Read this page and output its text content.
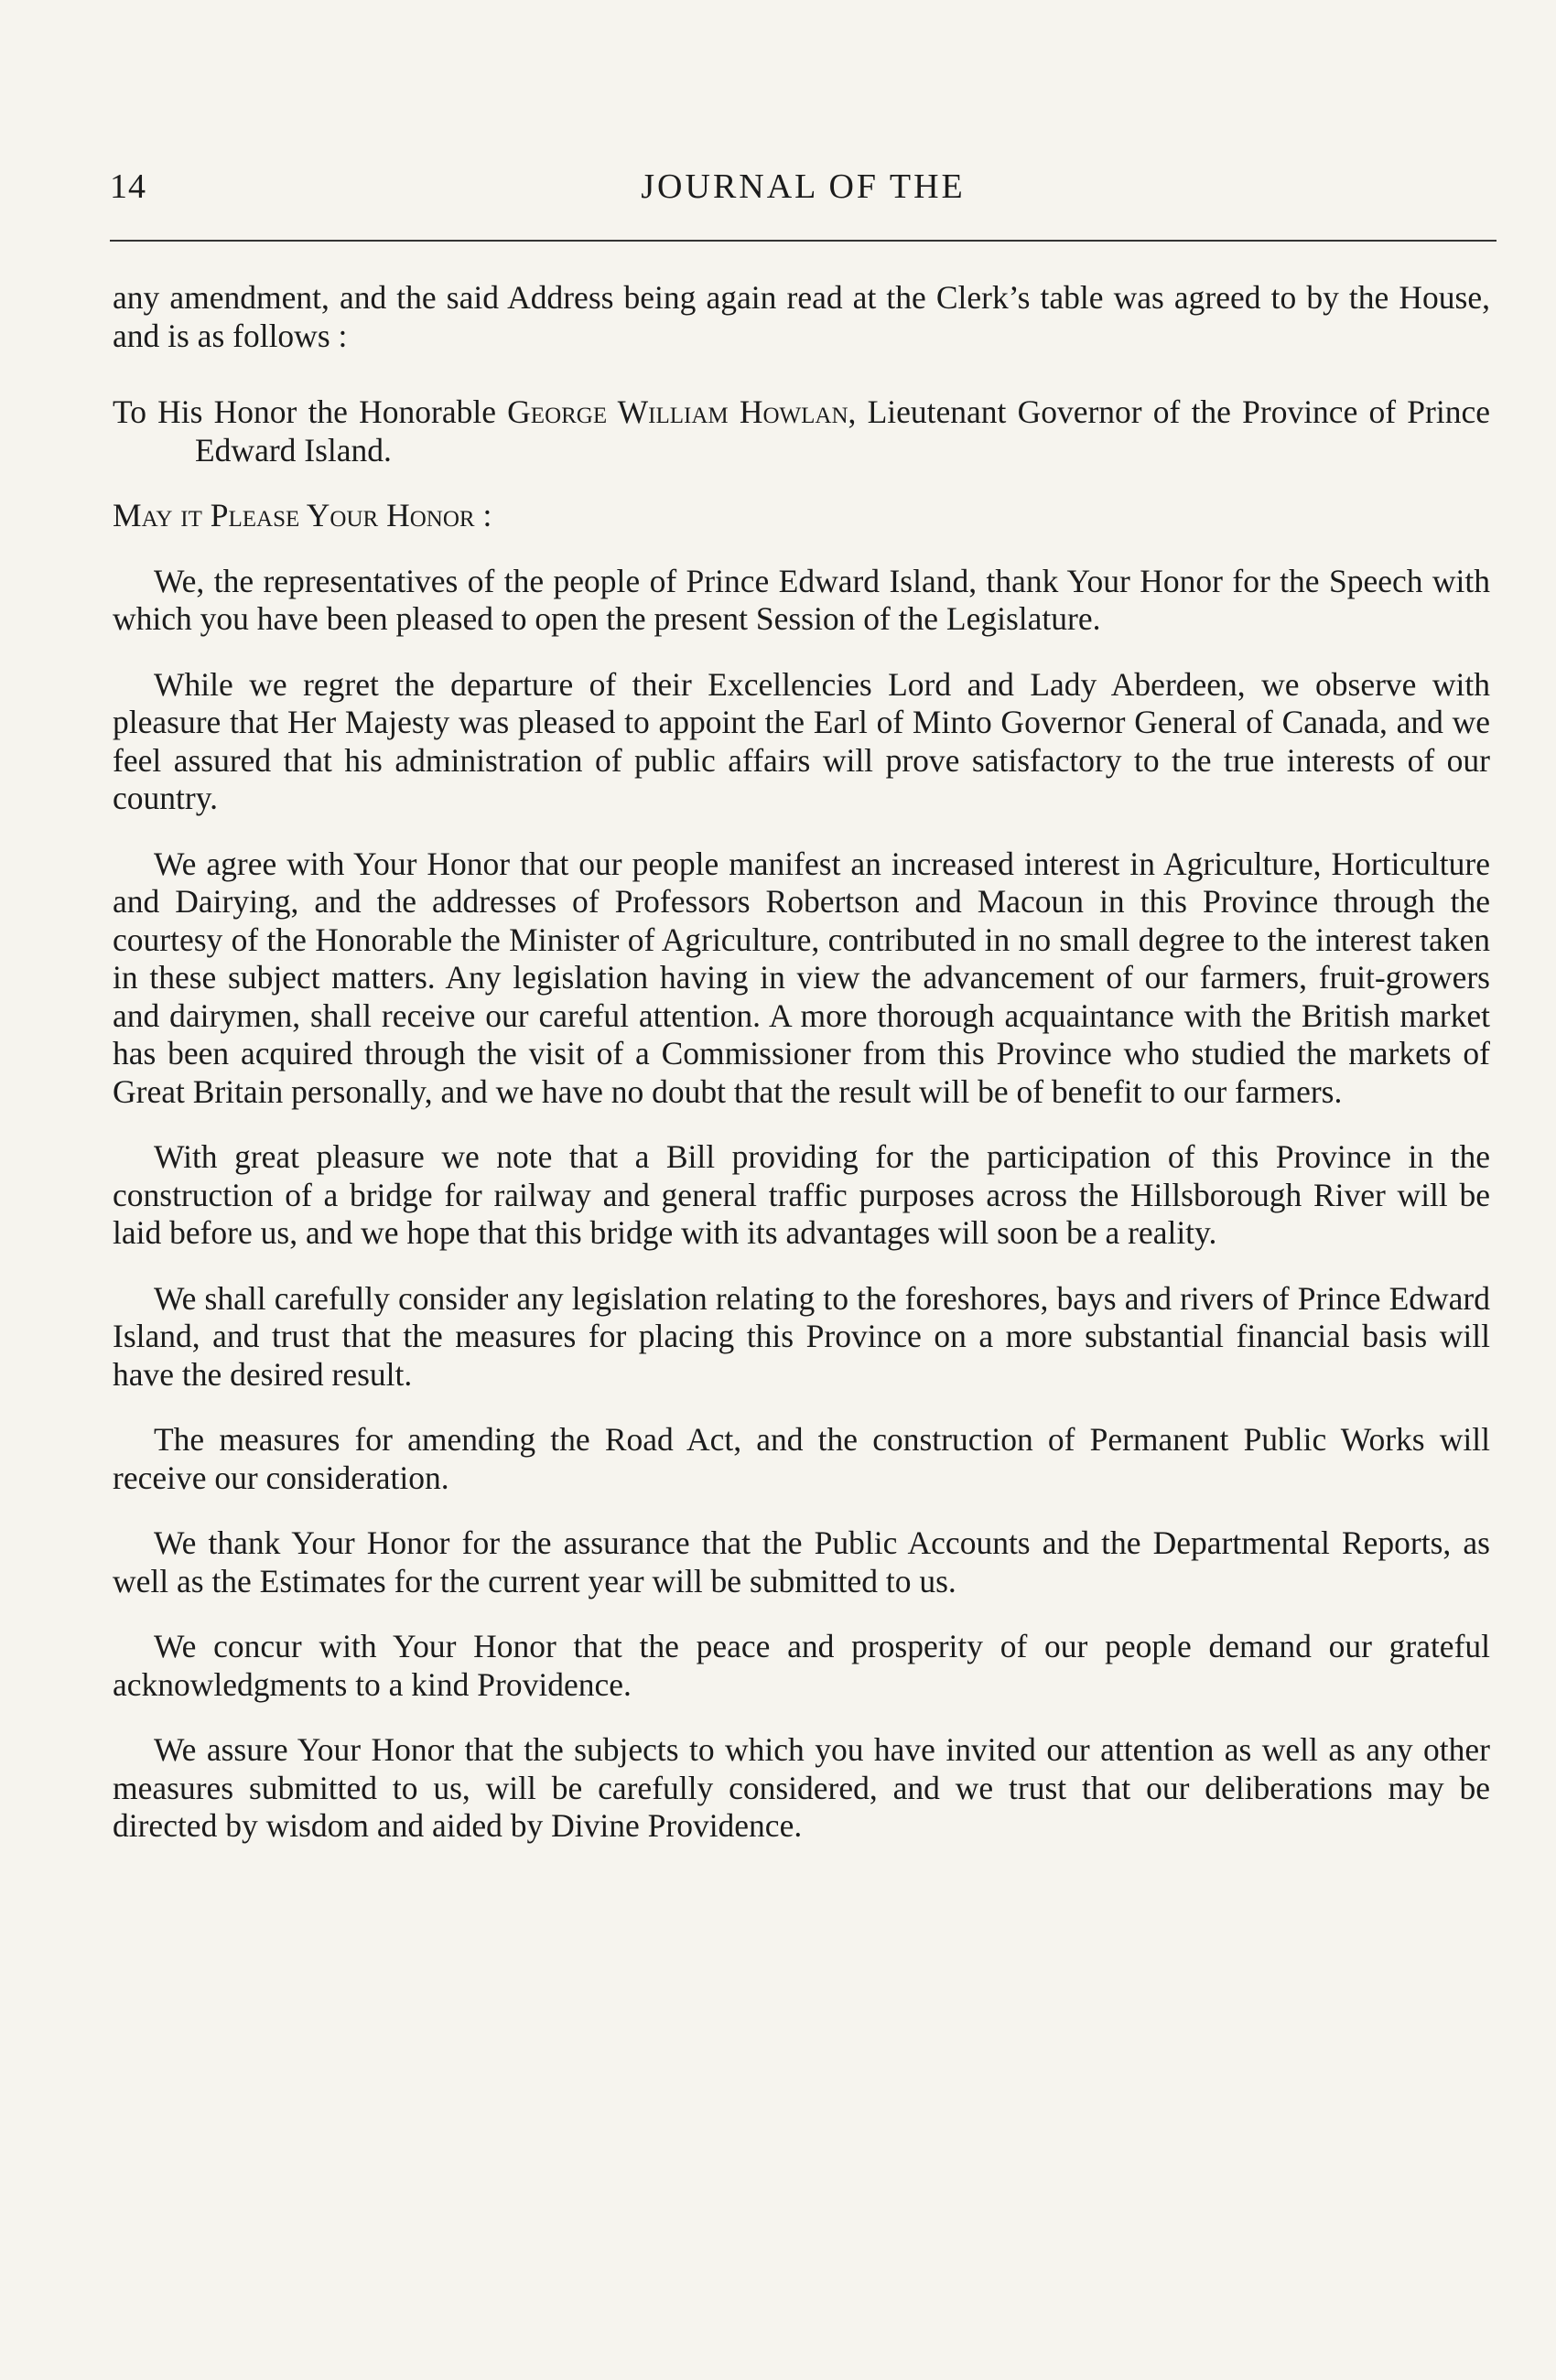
JOURNAL OF THE
14

any amendment, and the said Address being again read at the Clerk’s table was agreed to by the House, and is as follows :

To His Honor the Honorable George William Howlan, Lieutenant Governor of the Province of Prince Edward Island.

May it Please Your Honor :

We, the representatives of the people of Prince Edward Island, thank Your Honor for the Speech with which you have been pleased to open the present Session of the Legislature.

While we regret the departure of their Excellencies Lord and Lady Aberdeen, we observe with pleasure that Her Majesty was pleased to appoint the Earl of Minto Governor General of Canada, and we feel assured that his administration of public affairs will prove satisfactory to the true interests of our country.

We agree with Your Honor that our people manifest an increased interest in Agriculture, Horticulture and Dairying, and the addresses of Professors Robertson and Macoun in this Province through the courtesy of the Honorable the Minister of Agriculture, contributed in no small degree to the interest taken in these subject matters. Any legislation having in view the advancement of our farmers, fruit-growers and dairymen, shall receive our careful attention. A more thorough acquaintance with the British market has been acquired through the visit of a Commissioner from this Province who studied the markets of Great Britain personally, and we have no doubt that the result will be of benefit to our farmers.

With great pleasure we note that a Bill providing for the participation of this Province in the construction of a bridge for railway and general traffic purposes across the Hillsborough River will be laid before us, and we hope that this bridge with its advantages will soon be a reality.

We shall carefully consider any legislation relating to the foreshores, bays and rivers of Prince Edward Island, and trust that the measures for placing this Province on a more substantial financial basis will have the desired result.

The measures for amending the Road Act, and the construction of Permanent Public Works will receive our consideration.

We thank Your Honor for the assurance that the Public Accounts and the Departmental Reports, as well as the Estimates for the current year will be submitted to us.

We concur with Your Honor that the peace and prosperity of our people demand our grateful acknowledgments to a kind Providence.

We assure Your Honor that the subjects to which you have invited our attention as well as any other measures submitted to us, will be carefully considered, and we trust that our deliberations may be directed by wisdom and aided by Divine Providence.
